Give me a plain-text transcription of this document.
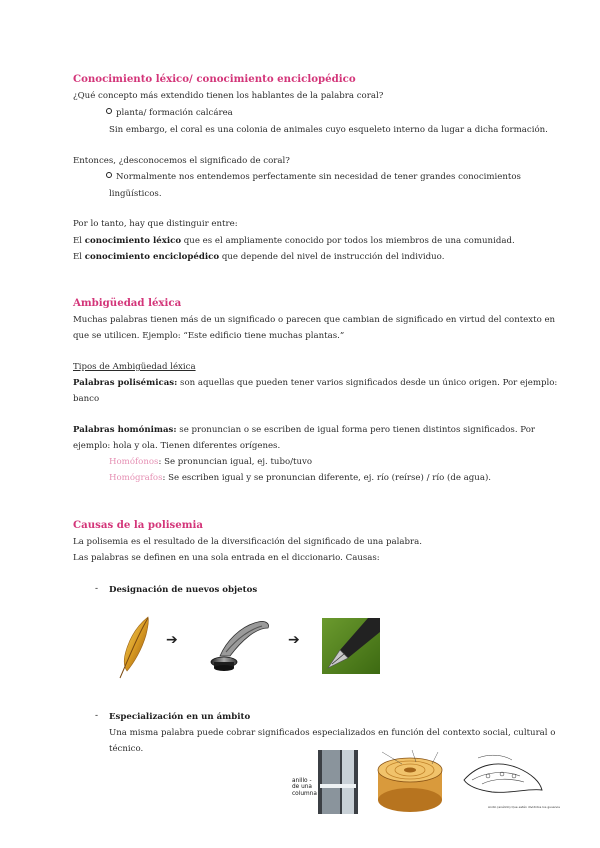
Conocimiento léxico/ conocimiento enciclopédico
¿Qué concepto más extendido tienen los hablantes de la palabra coral?
planta/ formación calcárea
Sin embargo, el coral es una colonia de animales cuyo esqueleto interno da lugar a dicha formación.
Entonces, ¿desconocemos el significado de coral?
Normalmente nos entendemos perfectamente sin necesidad de tener grandes conocimientos
lingüísticos.
Por lo tanto, hay que distinguir entre:
El conocimiento léxico que es el ampliamente conocido por todos los miembros de una comunidad.
El conocimiento enciclopédico que depende del nivel de instrucción del individuo.
Ambigüedad léxica
Muchas palabras tienen más de un significado o parecen que cambian de significado en virtud del contexto en
que se utilicen. Ejemplo: “Este edificio tiene muchas plantas.”
Tipos de Ambigüedad léxica
Palabras polisémicas: son aquellas que pueden tener varios significados desde un único origen. Por ejemplo:
banco
Palabras homónimas: se pronuncian o se escriben de igual forma pero tienen distintos significados. Por
ejemplo: hola y ola. Tienen diferentes orígenes.
Homófonos: Se pronuncian igual, ej. tubo/tuvo
Homógrafos: Se escriben igual y se pronuncian diferente, ej. río (reírse) / río (de agua).
Causas de la polisemia
La polisemia es el resultado de la diversificación del significado de una palabra.
Las palabras se definen en una sola entrada en el diccionario. Causas:
- Designación de nuevos objetos
➔	➔
- Especialización en un ámbito
Una misma palabra puede cobrar significados especializados en función del contexto social, cultural o
técnico.
anillo -
de una
columna
Anillo (anélido) Que están divididos los gusanos
